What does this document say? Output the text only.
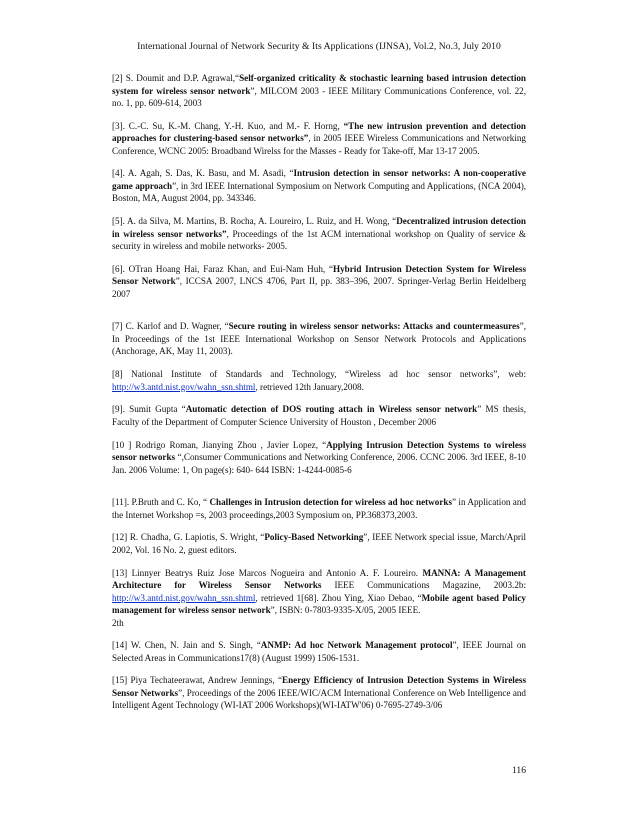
International Journal of Network Security & Its Applications (IJNSA), Vol.2, No.3, July 2010

[2] S. Doumit and D.P. Agrawal,“Self-organized criticality & stochastic learning based intrusion detection system for wireless sensor network”, MILCOM 2003 - IEEE Military Communications Conference, vol. 22, no. 1, pp. 609-614, 2003

[3]. C.-C. Su, K.-M. Chang, Y.-H. Kuo, and M.- F. Horng, “The new intrusion prevention and detection approaches for clustering-based sensor networks”, in 2005 IEEE Wireless Communications and Networking Conference, WCNC 2005: Broadband Wirelss for the Masses - Ready for Take-off, Mar 13-17 2005.

[4]. A. Agah, S. Das, K. Basu, and M. Asadi, “Intrusion detection in sensor networks: A non-cooperative game approach”, in 3rd IEEE International Symposium on Network Computing and Applications, (NCA 2004), Boston, MA, August 2004, pp. 343346.

[5]. A. da Silva, M. Martins, B. Rocha, A. Loureiro, L. Ruiz, and H. Wong, “Decentralized intrusion detection in wireless sensor networks”, Proceedings of the 1st ACM international workshop on Quality of service & security in wireless and mobile networks- 2005.

[6]. OTran Hoang Hai, Faraz Khan, and Eui-Nam Huh, “Hybrid Intrusion Detection System for Wireless Sensor Network”, ICCSA 2007, LNCS 4706, Part II, pp. 383–396, 2007. Springer-Verlag Berlin Heidelberg 2007

[7] C. Karlof and D. Wagner, “Secure routing in wireless sensor networks: Attacks and countermeasures”, In Proceedings of the 1st IEEE International Workshop on Sensor Network Protocols and Applications (Anchorage, AK, May 11, 2003).

[8] National Institute of Standards and Technology, “Wireless ad hoc sensor networks”, web: http://w3.antd.nist.gov/wahn_ssn.shtml, retrieved 12th January,2008.

[9]. Sumit Gupta “Automatic detection of DOS routing attach in Wireless sensor network” MS thesis, Faculty of the Department of Computer Science University of Houston , December 2006

[10 ] Rodrigo Roman, Jianying Zhou , Javier Lopez, “Applying Intrusion Detection Systems to wireless sensor networks “,Consumer Communications and Networking Conference, 2006. CCNC 2006. 3rd IEEE, 8-10 Jan. 2006 Volume: 1, On page(s): 640- 644 ISBN: 1-4244-0085-6

[11]. P.Bruth and C. Ko, “ Challenges in Intrusion detection for wireless ad hoc networks” in Application and the Internet Workshop =s, 2003 proceedings,2003 Symposium on, PP.368373,2003.

[12] R. Chadha, G. Lapiotis, S. Wright, “Policy-Based Networking”, IEEE Network special issue, March/April 2002, Vol. 16 No. 2, guest editors.

[13] Linnyer Beatrys Ruiz Jose Marcos Nogueira and Antonio A. F. Loureiro. MANNA: A Management Architecture for Wireless Sensor Networks IEEE Communications Magazine, 2003.2b: http://w3.antd.nist.gov/wahn_ssn.shtml, retrieved 1[68]. Zhou Ying, Xiao Debao, “Mobile agent based Policy management for wireless sensor network”, ISBN: 0-7803-9335-X/05, 2005 IEEE.
2th

[14] W. Chen, N. Jain and S. Singh, “ANMP: Ad hoc Network Management protocol”, IEEE Journal on Selected Areas in Communications17(8) (August 1999) 1506-1531.

[15] Piya Techateerawat, Andrew Jennings, “Energy Efficiency of Intrusion Detection Systems in Wireless Sensor Networks”, Proceedings of the 2006 IEEE/WIC/ACM International Conference on Web Intelligence and Intelligent Agent Technology (WI-IAT 2006 Workshops)(WI-IATW'06) 0-7695-2749-3/06

116
